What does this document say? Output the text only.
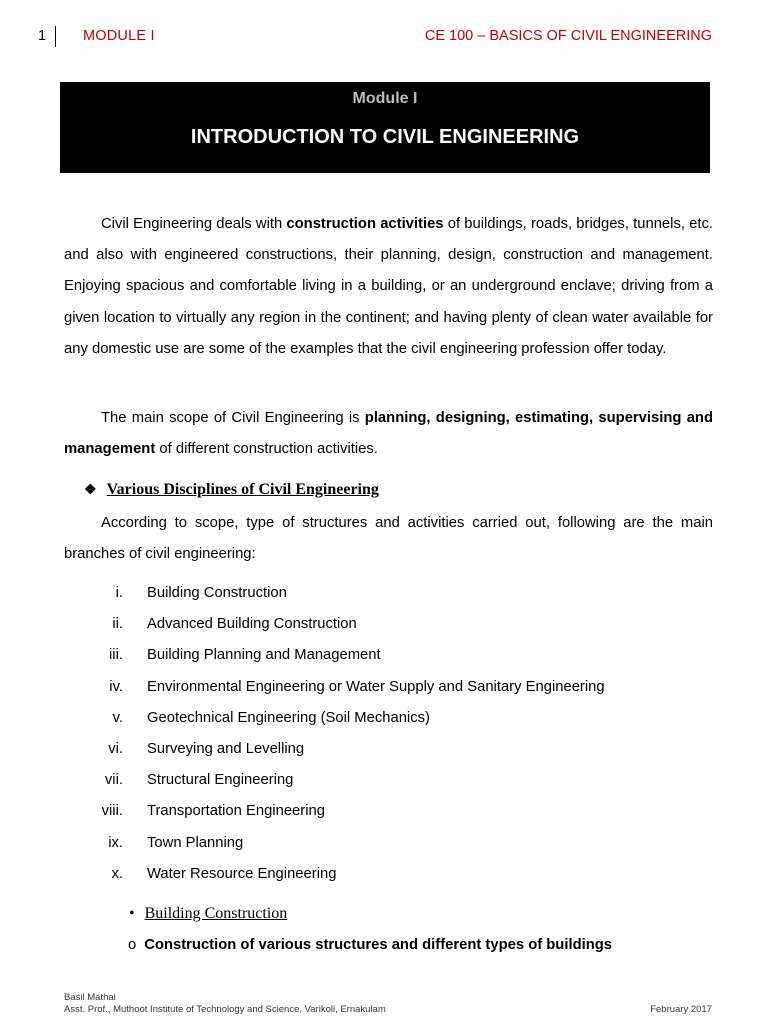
1	MODULE I	CE 100 – BASICS OF CIVIL ENGINEERING
Module I
INTRODUCTION TO CIVIL ENGINEERING

Civil Engineering deals with construction activities of buildings, roads, bridges, tunnels, etc. and also with engineered constructions, their planning, design, construction and management. Enjoying spacious and comfortable living in a building, or an underground enclave; driving from a given location to virtually any region in the continent; and having plenty of clean water available for any domestic use are some of the examples that the civil engineering profession offer today.

The main scope of Civil Engineering is planning, designing, estimating, supervising and management of different construction activities.

❖ Various Disciplines of Civil Engineering

According to scope, type of structures and activities carried out, following are the main branches of civil engineering:

i. Building Construction
ii. Advanced Building Construction
iii. Building Planning and Management
iv. Environmental Engineering or Water Supply and Sanitary Engineering
v. Geotechnical Engineering (Soil Mechanics)
vi. Surveying and Levelling
vii. Structural Engineering
viii. Transportation Engineering
ix. Town Planning
x. Water Resource Engineering
• Building Construction
o Construction of various structures and different types of buildings
Basil Mathai
Asst. Prof., Muthoot Institute of Technology and Science, Varikoli, Ernakulam	February 2017
